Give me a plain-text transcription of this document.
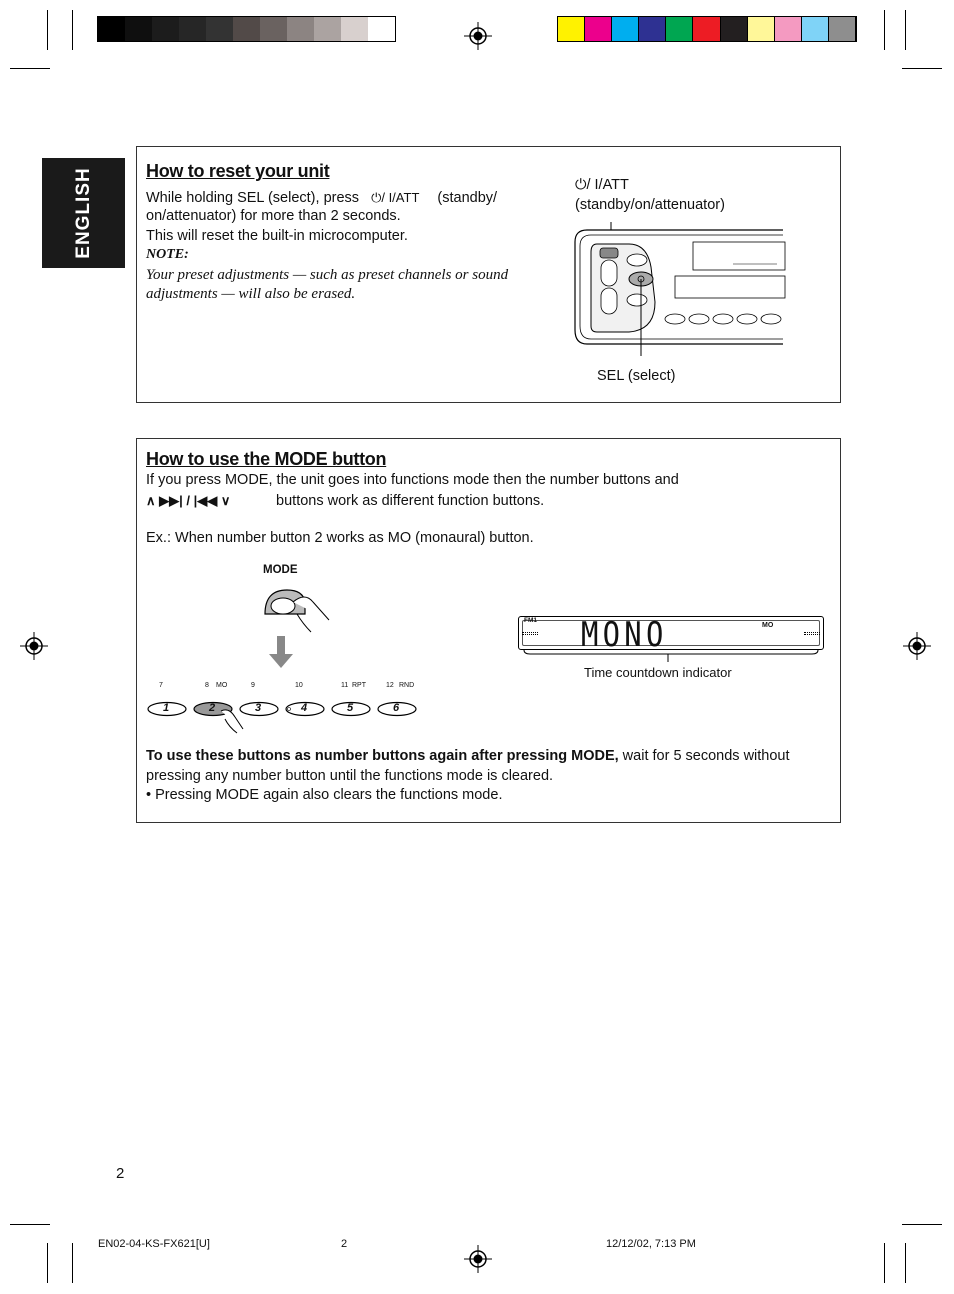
ENGLISH	How to reset your unit
While holding SEL (select), press ⏻/ I/ATT (standby/
on/attenuator) for more than 2 seconds.
This will reset the built-in microcomputer.
NOTE:
Your preset adjustments — such as preset channels or sound
adjustments — will also be erased.
⏻/ I/ATT
(standby/on/attenuator)
SEL (select)
How to use the MODE button
If you press MODE, the unit goes into functions mode then the number buttons and
∧ ▶▶| / |◀◀ ∨	buttons work as different function buttons.
Ex.: When number button 2 works as MO (monaural) button.
MODE
7	8 MO	9	10	11 RPT	12 RND
1	2	3	4	5	6
FM1 MONO	MO
Time countdown indicator
To use these buttons as number buttons again after pressing MODE, wait for 5 seconds without
pressing any number button until the functions mode is cleared.
• Pressing MODE again also clears the functions mode.
2
EN02-04-KS-FX621[U]	2	12/12/02, 7:13 PM
